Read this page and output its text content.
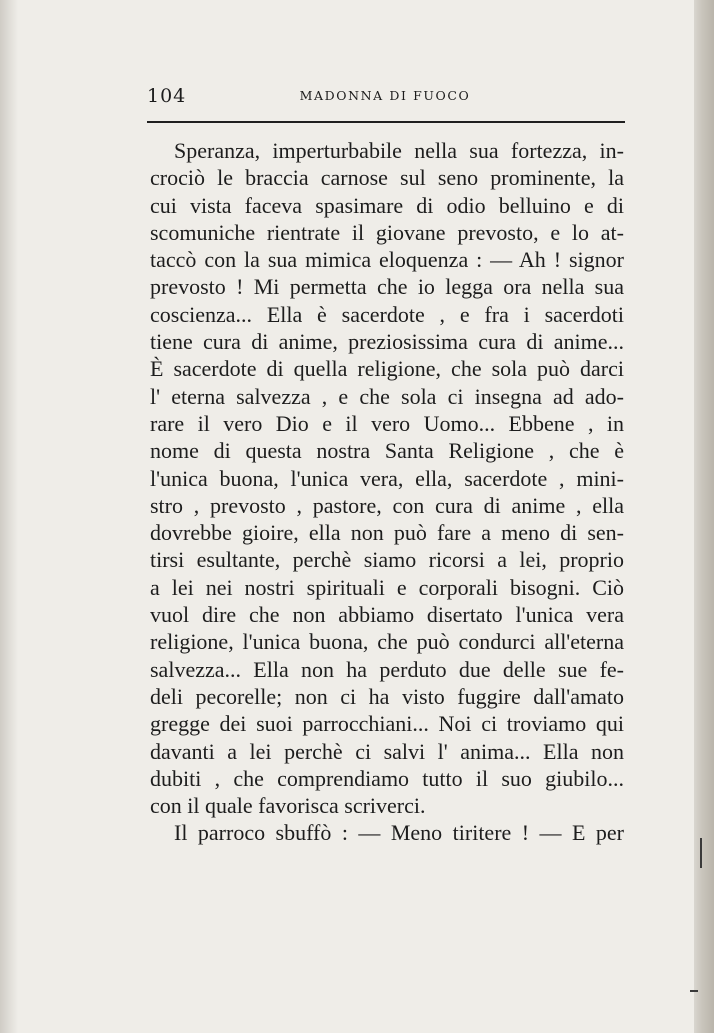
104	MADONNA DI FUOCO
Speranza, imperturbabile nella sua fortezza, in-
crociò le braccia carnose sul seno prominente, la
cui vista faceva spasimare di odio belluino e di
scomuniche rientrate il giovane prevosto, e lo at-
taccò con la sua mimica eloquenza : — Ah ! signor
prevosto ! Mi permetta che io legga ora nella sua
coscienza... Ella è sacerdote , e fra i sacerdoti
tiene cura di anime, preziosissima cura di anime...
È sacerdote di quella religione, che sola può darci
l' eterna salvezza , e che sola ci insegna ad ado-
rare il vero Dio e il vero Uomo... Ebbene , in
nome di questa nostra Santa Religione , che è
l'unica buona, l'unica vera, ella, sacerdote , mini-
stro , prevosto , pastore, con cura di anime , ella
dovrebbe gioire, ella non può fare a meno di sen-
tirsi esultante, perchè siamo ricorsi a lei, proprio
a lei nei nostri spirituali e corporali bisogni. Ciò
vuol dire che non abbiamo disertato l'unica vera
religione, l'unica buona, che può condurci all'eterna
salvezza... Ella non ha perduto due delle sue fe-
deli pecorelle; non ci ha visto fuggire dall'amato
gregge dei suoi parrocchiani... Noi ci troviamo qui
davanti a lei perchè ci salvi l' anima... Ella non
dubiti , che comprendiamo tutto il suo giubilo...
con il quale favorisca scriverci.
Il parroco sbuffò : — Meno tiritere ! — E per
